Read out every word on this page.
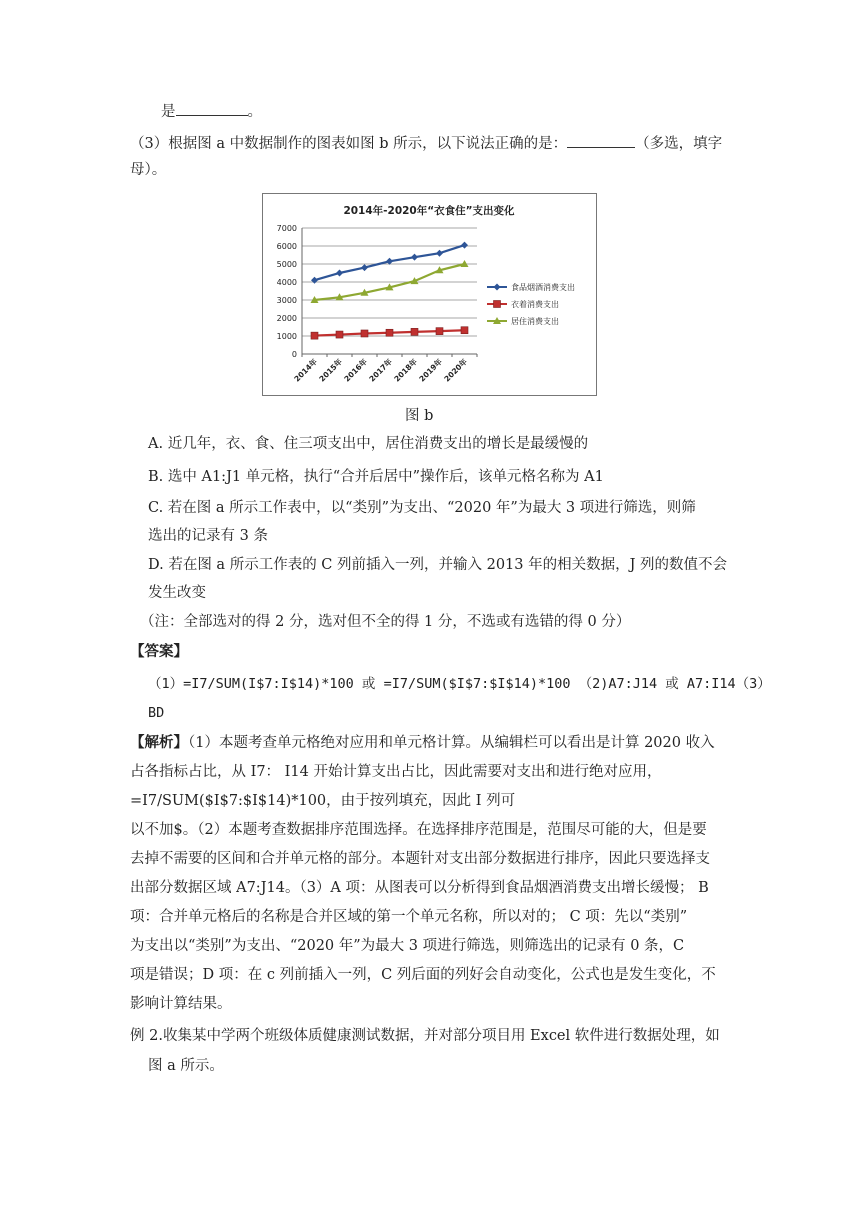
是	。
（3）根据图 a 中数据制作的图表如图 b 所示，以下说法正确的是：	（多选，填字
母）。
2014年-2020年“衣食住”支出变化
0
1000
2000
3000
4000
5000
6000
7000
2014年
2015年
2016年
2017年
2018年
2019年
2020年
食品烟酒消费支出
衣着消费支出
居住消费支出
图 b
A. 近几年，衣、食、住三项支出中，居住消费支出的增长是最缓慢的
B. 选中 A1:J1 单元格，执行“合并后居中”操作后，该单元格名称为 A1
C. 若在图 a 所示工作表中，以“类别”为支出、“2020 年”为最大 3 项进行筛选，则筛
选出的记录有 3 条
D. 若在图 a 所示工作表的 C 列前插入一列，并输入 2013 年的相关数据，J 列的数值不会
发生改变
（注：全部选对的得 2 分，选对但不全的得 1 分，不选或有选错的得 0 分）
【答案】
（1）=I7/SUM(I$7:I$14)*100 或 =I7/SUM($I$7:$I$14)*100 （2)A7:J14 或 A7:I14（3）
BD
【解析】（1）本题考查单元格绝对应用和单元格计算。从编辑栏可以看出是计算 2020 收入
占各指标占比，从 I7： I14 开始计算支出占比，因此需要对支出和进行绝对应用，
=I7/SUM($I$7:$I$14)*100，由于按列填充，因此 I 列可
以不加$。（2）本题考查数据排序范围选择。在选择排序范围是，范围尽可能的大，但是要
去掉不需要的区间和合并单元格的部分。本题针对支出部分数据进行排序，因此只要选择支
出部分数据区域 A7:J14。（3）A 项：从图表可以分析得到食品烟酒消费支出增长缓慢； B
项：合并单元格后的名称是合并区域的第一个单元名称，所以对的； C 项：先以“类别”
为支出以“类别”为支出、“2020 年”为最大 3 项进行筛选，则筛选出的记录有 0 条，C
项是错误；D 项：在 c 列前插入一列，C 列后面的列好会自动变化，公式也是发生变化，不
影响计算结果。
例 2.收集某中学两个班级体质健康测试数据，并对部分项目用 Excel 软件进行数据处理，如
图 a 所示。
